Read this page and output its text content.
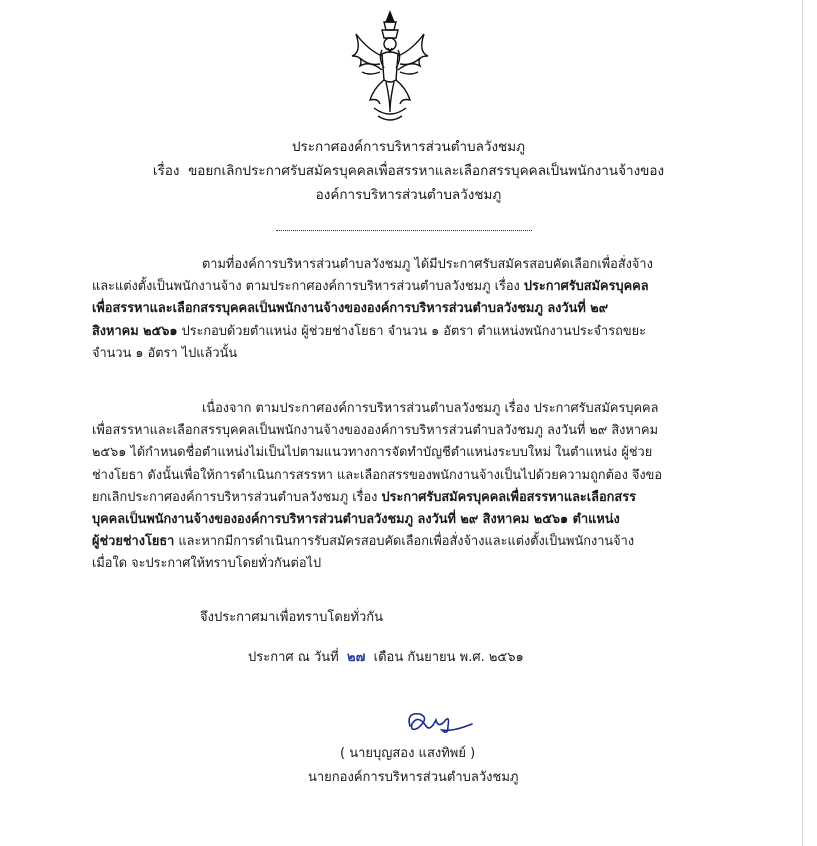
ประกาศองค์การบริหารส่วนตำบลวังชมภู
เรื่อง ขอยกเลิกประกาศรับสมัครบุคคลเพื่อสรรหาและเลือกสรรบุคคลเป็นพนักงานจ้างของ
องค์การบริหารส่วนตำบลวังชมภู
ตามที่องค์การบริหารส่วนตำบลวังชมภู ได้มีประกาศรับสมัครสอบคัดเลือกเพื่อสั่งจ้าง
และแต่งตั้งเป็นพนักงานจ้าง ตามประกาศองค์การบริหารส่วนตำบลวังชมภู เรื่อง ประกาศรับสมัครบุคคล
เพื่อสรรหาและเลือกสรรบุคคลเป็นพนักงานจ้างขององค์การบริหารส่วนตำบลวังชมภู ลงวันที่ ๒๙
สิงหาคม ๒๕๖๑ ประกอบด้วยตำแหน่ง ผู้ช่วยช่างโยธา จำนวน ๑ อัตรา ตำแหน่งพนักงานประจำรถขยะ
จำนวน ๑ อัตรา ไปแล้วนั้น
เนื่องจาก ตามประกาศองค์การบริหารส่วนตำบลวังชมภู เรื่อง ประกาศรับสมัครบุคคล
เพื่อสรรหาและเลือกสรรบุคคลเป็นพนักงานจ้างขององค์การบริหารส่วนตำบลวังชมภู ลงวันที่ ๒๙ สิงหาคม
๒๕๖๑ ได้กำหนดชื่อตำแหน่งไม่เป็นไปตามแนวทางการจัดทำบัญชีตำแหน่งระบบใหม่ ในตำแหน่ง ผู้ช่วย
ช่างโยธา ดังนั้นเพื่อให้การดำเนินการสรรหา และเลือกสรรของพนักงานจ้างเป็นไปด้วยความถูกต้อง จึงขอ
ยกเลิกประกาศองค์การบริหารส่วนตำบลวังชมภู เรื่อง ประกาศรับสมัครบุคคลเพื่อสรรหาและเลือกสรร
บุคคลเป็นพนักงานจ้างขององค์การบริหารส่วนตำบลวังชมภู ลงวันที่ ๒๙ สิงหาคม ๒๕๖๑ ตำแหน่ง
ผู้ช่วยช่างโยธา และหากมีการดำเนินการรับสมัครสอบคัดเลือกเพื่อสั่งจ้างและแต่งตั้งเป็นพนักงานจ้าง
เมื่อใด จะประกาศให้ทราบโดยทั่วกันต่อไป
จึงประกาศมาเพื่อทราบโดยทั่วกัน
ประกาศ ณ วันที่ ๒๗ เดือน กันยายน พ.ศ. ๒๕๖๑
( นายบุญสอง แสงทิพย์ )
นายกองค์การบริหารส่วนตำบลวังชมภู
